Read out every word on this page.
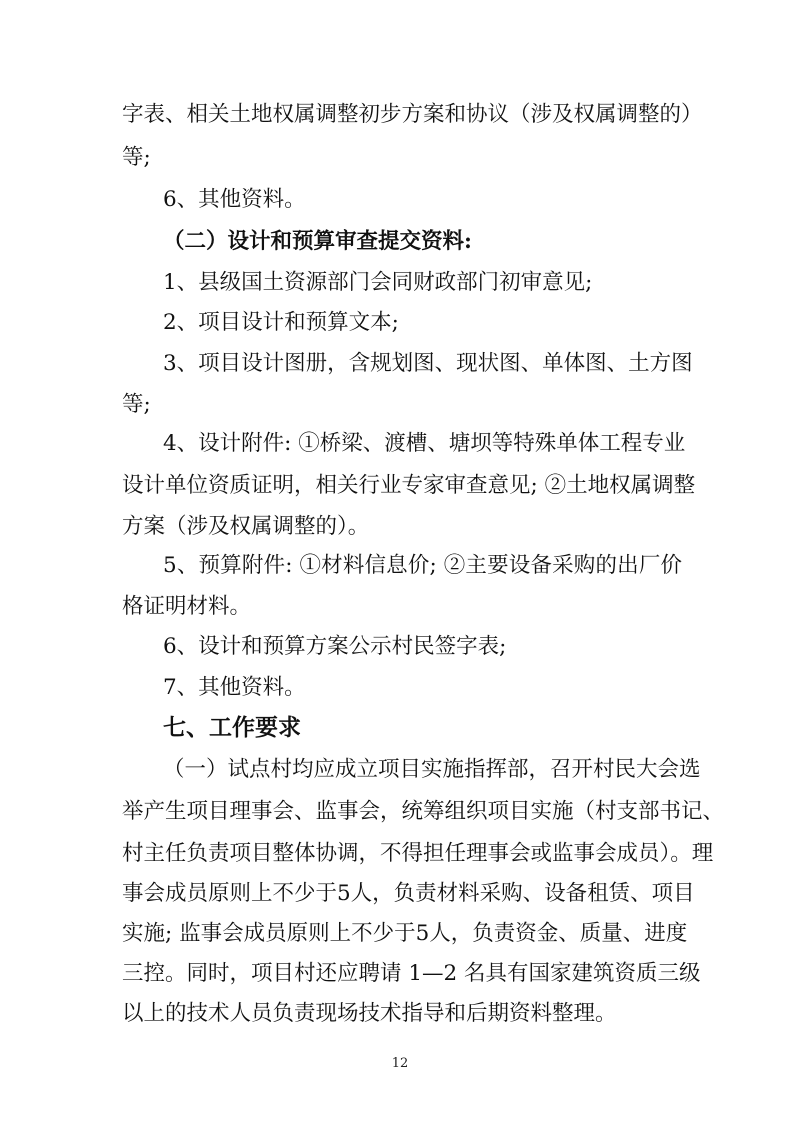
字表、相关土地权属调整初步方案和协议（涉及权属调整的）
等;
6、其他资料。
（二）设计和预算审查提交资料:
1、县级国土资源部门会同财政部门初审意见;
2、项目设计和预算文本;
3、项目设计图册，含规划图、现状图、单体图、土方图
等;
4、设计附件: ①桥梁、渡槽、塘坝等特殊单体工程专业
设计单位资质证明，相关行业专家审查意见; ②土地权属调整
方案（涉及权属调整的）。
5、预算附件: ①材料信息价; ②主要设备采购的出厂价
格证明材料。
6、设计和预算方案公示村民签字表;
7、其他资料。
七、工作要求
（一）试点村均应成立项目实施指挥部，召开村民大会选
举产生项目理事会、监事会，统筹组织项目实施（村支部书记、
村主任负责项目整体协调，不得担任理事会或监事会成员）。理
事会成员原则上不少于5人，负责材料采购、设备租赁、项目
实施; 监事会成员原则上不少于5人，负责资金、质量、进度
三控。同时，项目村还应聘请 1—2 名具有国家建筑资质三级
以上的技术人员负责现场技术指导和后期资料整理。
12
